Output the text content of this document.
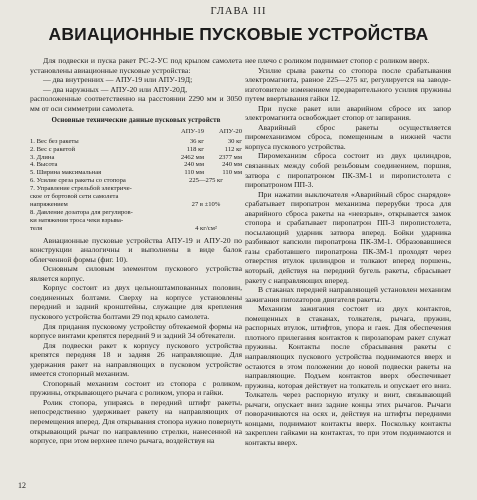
ГЛАВА III
АВИАЦИОННЫЕ ПУСКОВЫЕ УСТРОЙСТВА

Для подвески и пуска ракет РС-2-УС под крылом самолета установлены авиационные пусковые устройства:

— два внутренних — АПУ-19 или АПУ-19Д;

— два наружных — АПУ-20 или АПУ-20Д,

расположенные соответственно на расстоянии 2290 мм и 3050 мм от оси симметрии самолета.

Основные технические данные пусковых устройств
	АПУ-19	АПУ-20
1. Вес без ракеты	36 кг	30 кг
2. Вес с ракетой	118 кг	112 кг
3. Длина	2462 мм	2377 мм
4. Высота	240 мм	240 мм
5. Ширина максимальная	110 мм	110 мм
6. Усилие среза ракеты со стопора	225—275 кг	
7. Управление стрельбой электриче-		
ское от бортовой сети самолета		
напряжением	27 в ±10%	
8. Давление дозатора для регулиров-		
ки натяжения троса чеки взрыва-		
теля	4 кг/см²	

Авиационные пусковые устройства АПУ-19 и АПУ-20 по конструкции аналогичны и выполнены в виде балок облегченной формы (фиг. 10).

Основным силовым элементом пускового устройства является корпус.

Корпус состоит из двух цельноштампованных половин, соединенных болтами. Сверху на корпусе установлены передний и задний кронштейны, служащие для крепления пускового устройства болтами 29 под крыло самолета.

Для придания пусковому устройству обтекаемой формы на корпусе винтами крепятся передний 9 и задний 34 обтекатели.

Для подвески ракет к корпусу пускового устройства крепятся передняя 18 и задняя 26 направляющие. Для удержания ракет на направляющих в пусковом устройстве имеется стопорный механизм.

Стопорный механизм состоит из стопора с роликом, пружины, открывающего рычага с роликом, упора и гайки.

Ролик стопора, упираясь в передний штифт ракеты, непосредственно удерживает ракету на направляющих от перемещения вперед. Для открывания стопора нужно повернуть открывающий рычаг по направлению стрелки, нанесенной на корпусе, при этом верхнее плечо рычага, воздействуя на

нее плечо с роликом поднимает стопор с роликом вверх.

Усилие срыва ракеты со стопора после срабатывания электромагнита, равное 225—275 кг, регулируется на заводе-изготовителе изменением предварительного усилия пружины путем ввертывания гайки 12.

При пуске ракет или аварийном сбросе их запор электромагнита освобождает стопор от запирания.

Аварийный сброс ракеты осуществляется пиромеханизмом сброса, помещенным в нижней части корпуса пускового устройства.

Пиромеханизм сброса состоит из двух цилиндров, связанных между собой резьбовым соединением, поршня, затвора с пиропатроном ПК-3М-1 и пиропистолета с пиропатроном ПП-3.

При нажатии выключателя «Аварийный сброс снарядов» срабатывает пиропатрон механизма перерубки троса для аварийного сброса ракеты на «невзрыв», открывается замок стопора и срабатывает пиропатрон ПП-3 пиропистолета, посылающий ударник затвора вперед. Бойки ударника разбивают капсюли пиропатрона ПК-3М-1. Образовавшиеся газы сработавшего пиропатрона ПК-3М-1 проходят через отверстия втулок цилиндров и толкают вперед поршень, который, действуя на передний бугель ракеты, сбрасывает ракету с направляющих вперед.

В стаканах передней направляющей установлен механизм зажигания пиrozаторов двигателя ракеты.

Механизм зажигания состоит из двух контактов, помещенных в стаканах, толкателя, рычага, пружин, распорных втулок, штифтов, упора и гаек. Для обеспечения плотного прилегания контактов к пирозапорам ракет служат пружины. Контакты после сбрасывания ракеты с направляющих пускового устройства поднимаются вверх и остаются в этом положении до новой подвески ракеты на направляющие. Подъем контактов вверх обеспечивает пружина, которая действует на толкатель и опускает его вниз. Толкатель через распорную втулку и винт, связывающий рычаги, опускает вниз задние концы этих рычагов. Рычаги поворачиваются на осях и, действуя на штифты передними концами, поднимают контакты вверх. Поскольку контакты закреплен гайками на контактах, то при этом поднимаются и контакты вверх.

12
